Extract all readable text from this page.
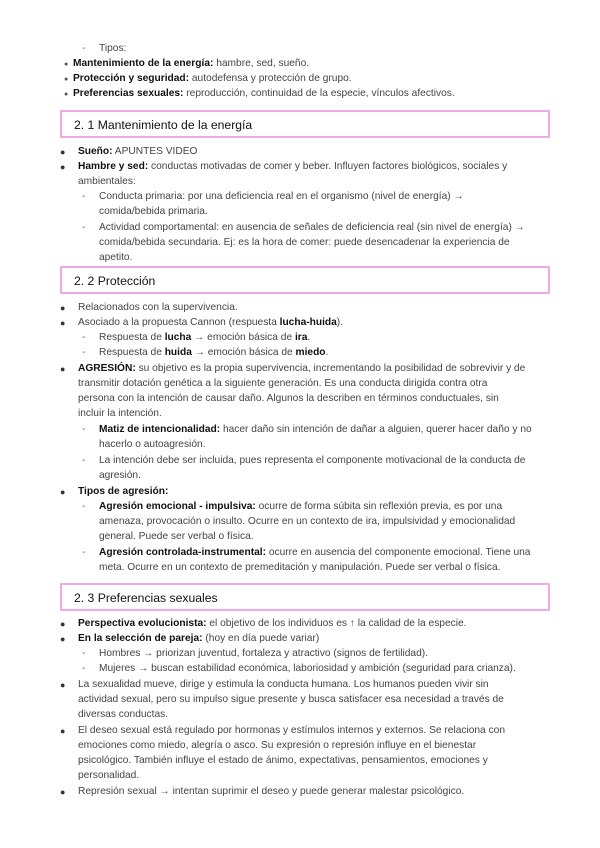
- Tipos:
● Mantenimiento de la energía: hambre, sed, sueño.
● Protección y seguridad: autodefensa y protección de grupo.
● Preferencias sexuales: reproducción, continuidad de la especie, vínculos afectivos.
2. 1 Mantenimiento de la energía
● Sueño: APUNTES VIDEO
● Hambre y sed: conductas motivadas de comer y beber. Influyen factores biológicos, sociales y
ambientales:
- Conducta primaria: por una deficiencia real en el organismo (nivel de energía) →
comida/bebida primaria.
- Actividad comportamental: en ausencia de señales de deficiencia real (sin nivel de energía) →
comida/bebida secundaria. Ej: es la hora de comer: puede desencadenar la experiencia de
apetito.
2. 2 Protección
● Relacionados con la supervivencia.
● Asociado a la propuesta Cannon (respuesta lucha-huida).
- Respuesta de lucha → emoción básica de ira.
- Respuesta de huida → emoción básica de miedo.
● AGRESIÓN: su objetivo es la propia supervivencia, incrementando la posibilidad de sobrevivir y de
transmitir dotación genética a la siguiente generación. Es una conducta dirigida contra otra
persona con la intención de causar daño. Algunos la describen en términos conductuales, sin
incluir la intención.
- Matiz de intencionalidad: hacer daño sin intención de dañar a alguien, querer hacer daño y no
hacerlo o autoagresión.
- La intención debe ser incluida, pues representa el componente motivacional de la conducta de
agresión.
● Tipos de agresión:
- Agresión emocional - impulsiva: ocurre de forma súbita sin reflexión previa, es por una
amenaza, provocación o insulto. Ocurre en un contexto de ira, impulsividad y emocionalidad
general. Puede ser verbal o física.
- Agresión controlada-instrumental: ocurre en ausencia del componente emocional. Tiene una
meta. Ocurre en un contexto de premeditación y manipulación. Puede ser verbal o física.
2. 3 Preferencias sexuales
● Perspectiva evolucionista: el objetivo de los individuos es ↑ la calidad de la especie.
● En la selección de pareja: (hoy en día puede variar)
- Hombres → priorizan juventud, fortaleza y atractivo (signos de fertilidad).
- Mujeres → buscan estabilidad económica, laboriosidad y ambición (seguridad para crianza).
● La sexualidad mueve, dirige y estimula la conducta humana. Los humanos pueden vivir sin
actividad sexual, pero su impulso sigue presente y busca satisfacer esa necesidad a través de
diversas conductas.
● El deseo sexual está regulado por hormonas y estímulos internos y externos. Se relaciona con
emociones como miedo, alegría o asco. Su expresión o represión influye en el bienestar
psicológico. También influye el estado de ánimo, expectativas, pensamientos, emociones y
personalidad.
● Represión sexual → intentan suprimir el deseo y puede generar malestar psicológico.
